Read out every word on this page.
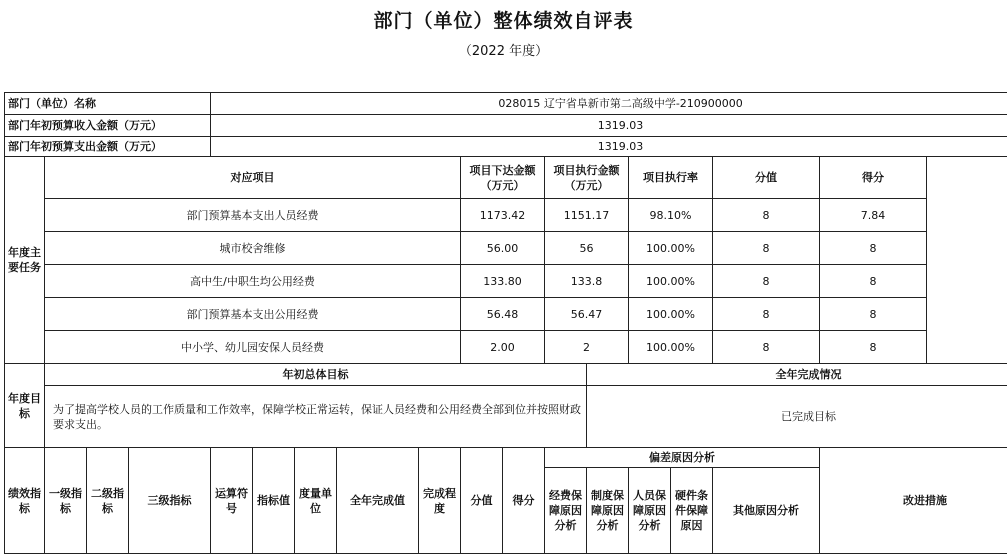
部门（单位）整体绩效自评表
（2022 年度）
部门（单位）名称				028015 辽宁省阜新市第二高级中学-210900000												
部门年初预算收入金额（万元）				1319.03												
部门年初预算支出金额（万元）				1319.03												
年度主要任务	对应项目								项目下达金额（万元）		项目执行金额（万元）		项目执行率		分值	得分
	部门预算基本支出人员经费								1173.42		1151.17		98.10%		8	7.84
	城市校舍维修								56.00		56		100.00%		8	8
	高中生/中职生均公用经费								133.80		133.8		100.00%		8	8
	部门预算基本支出公用经费								56.48		56.47		100.00%		8	8
	中小学、幼儿园安保人员经费								2.00		2		100.00%		8	8
年度目标	年初总体目标											全年完成情况				
	为了提高学校人员的工作质量和工作效率，保障学校正常运转，保证人员经费和公用经费全部到位并按照财政要求支出。											已完成目标				
绩效指标	一级指标	二级指标	三级指标	运算符号	指标值	度量单位	全年完成值	完成程度	分值	得分	偏差原因分析					改进措施
											经费保障原因分析	制度保障原因分析	人员保障原因分析	硬件条件保障原因	其他原因分析	
